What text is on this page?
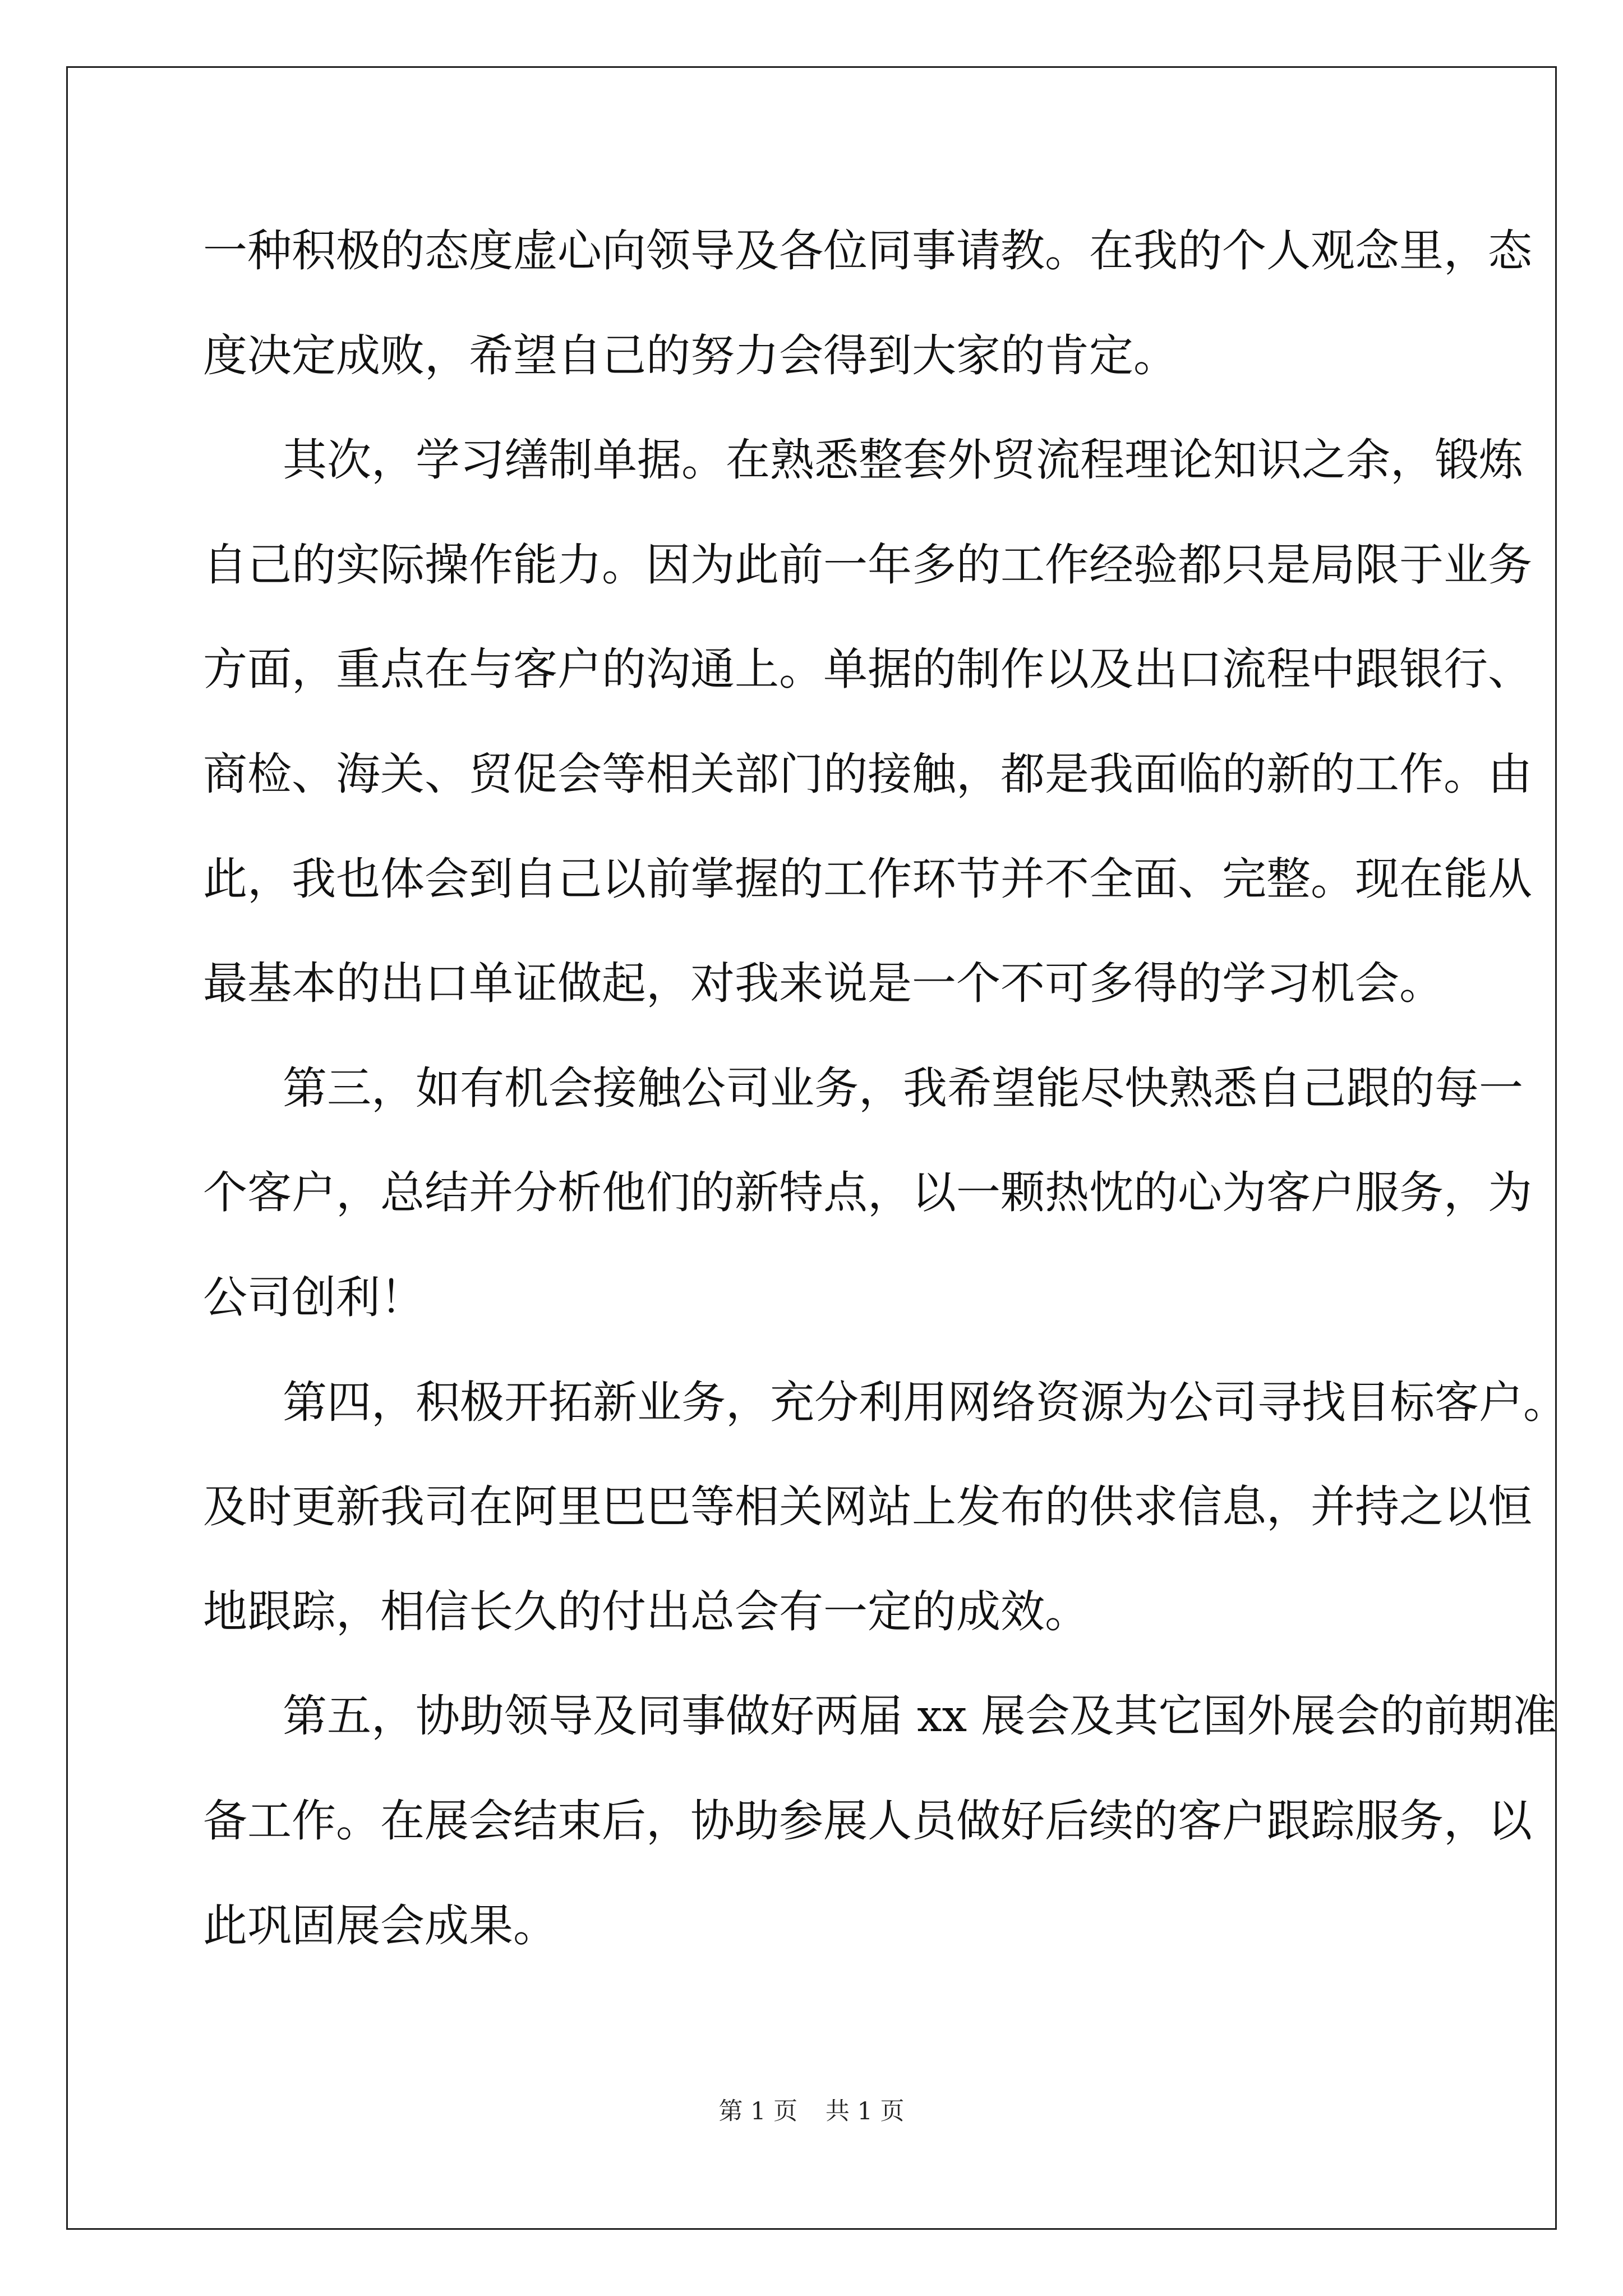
一种积极的态度虚心向领导及各位同事请教。在我的个人观念里，态
度决定成败，希望自己的努力会得到大家的肯定。
其次，学习缮制单据。在熟悉整套外贸流程理论知识之余，锻炼
自己的实际操作能力。因为此前一年多的工作经验都只是局限于业务
方面，重点在与客户的沟通上。单据的制作以及出口流程中跟银行、
商检、海关、贸促会等相关部门的接触，都是我面临的新的工作。由
此，我也体会到自己以前掌握的工作环节并不全面、完整。现在能从
最基本的出口单证做起，对我来说是一个不可多得的学习机会。
第三，如有机会接触公司业务，我希望能尽快熟悉自己跟的每一
个客户，总结并分析他们的新特点，以一颗热忱的心为客户服务，为
公司创利！
第四，积极开拓新业务，充分利用网络资源为公司寻找目标客户。
及时更新我司在阿里巴巴等相关网站上发布的供求信息，并持之以恒
地跟踪，相信长久的付出总会有一定的成效。
第五，协助领导及同事做好两届 xx 展会及其它国外展会的前期准
备工作。在展会结束后，协助参展人员做好后续的客户跟踪服务，以
此巩固展会成果。
第 1 页 共 1 页
